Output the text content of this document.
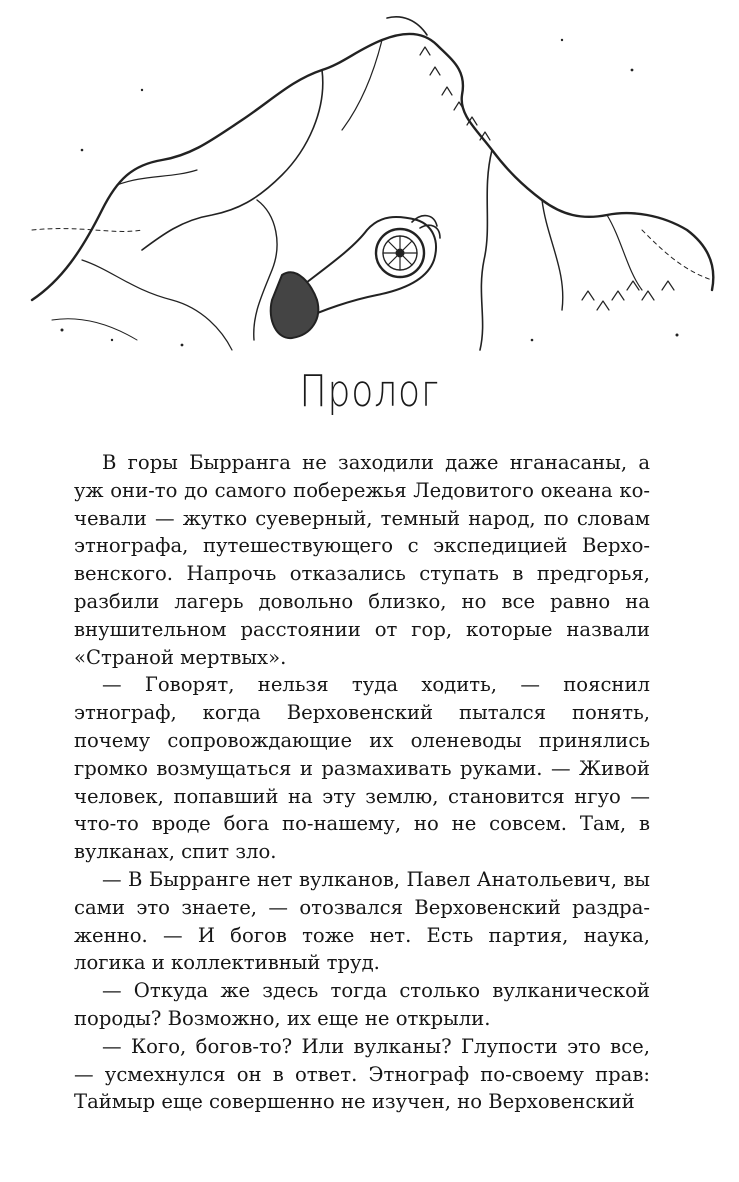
Пролог

В горы Бырранга не заходили даже нганасаны, а уж они-то до самого побережья Ледовитого океана кочевали — жутко суеверный, темный народ, по словам этнографа, путешествующего с экспедицией Верховенского. Напрочь отказались ступать в предгорья, разбили лагерь довольно близко, но все равно на внушительном расстоянии от гор, которые назвали «Страной мертвых».

— Говорят, нельзя туда ходить, — пояснил этнограф, когда Верховенский пытался понять, почему сопровождающие их оленеводы принялись громко возмущаться и размахивать руками. — Живой человек, попавший на эту землю, становится нгуо — что-то вроде бога по-нашему, но не совсем. Там, в вулканах, спит зло.

— В Бырранге нет вулканов, Павел Анатольевич, вы сами это знаете, — отозвался Верховенский раздраженно. — И богов тоже нет. Есть партия, наука, логика и коллективный труд.

— Откуда же здесь тогда столько вулканической породы? Возможно, их еще не открыли.

— Кого, богов-то? Или вулканы? Глупости это все, — усмехнулся он в ответ. Этнограф по-своему прав: Таймыр еще совершенно не изучен, но Верховенский
